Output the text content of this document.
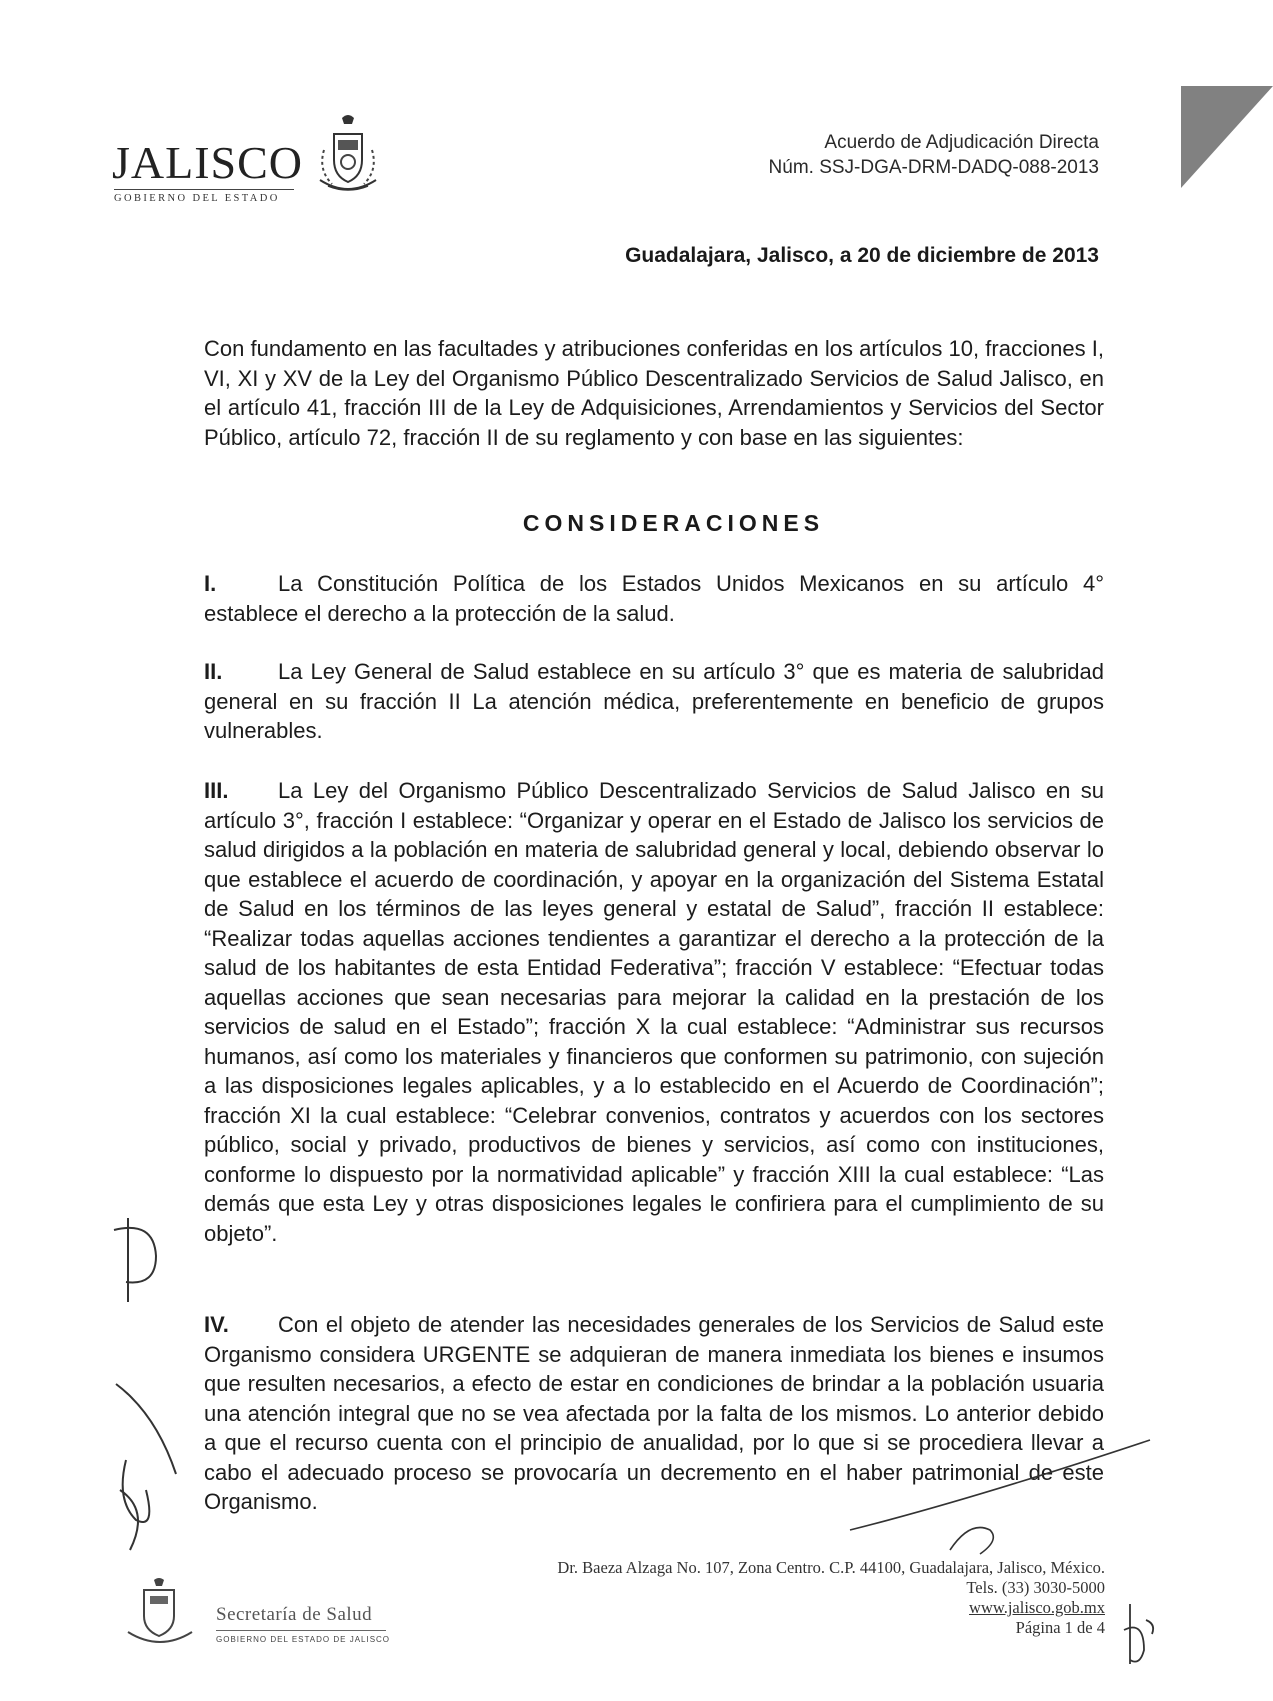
JALISCO
GOBIERNO DEL ESTADO
Acuerdo de Adjudicación Directa
Núm. SSJ-DGA-DRM-DADQ-088-2013
Guadalajara, Jalisco, a 20 de diciembre de 2013
Con fundamento en las facultades y atribuciones conferidas en los artículos 10, fracciones I, VI, XI y XV de la Ley del Organismo Público Descentralizado Servicios de Salud Jalisco, en el artículo 41, fracción III de la Ley de Adquisiciones, Arrendamientos y Servicios del Sector Público, artículo 72, fracción II de su reglamento y con base en las siguientes:
CONSIDERACIONES
I.	La Constitución Política de los Estados Unidos Mexicanos en su artículo 4° establece el derecho a la protección de la salud.
II.	La Ley General de Salud establece en su artículo 3° que es materia de salubridad general en su fracción II La atención médica, preferentemente en beneficio de grupos vulnerables.
III. La Ley del Organismo Público Descentralizado Servicios de Salud Jalisco en su artículo 3°, fracción I establece: “Organizar y operar en el Estado de Jalisco los servicios de salud dirigidos a la población en materia de salubridad general y local, debiendo observar lo que establece el acuerdo de coordinación, y apoyar en la organización del Sistema Estatal de Salud en los términos de las leyes general y estatal de Salud”, fracción II establece: “Realizar todas aquellas acciones tendientes a garantizar el derecho a la protección de la salud de los habitantes de esta Entidad Federativa”; fracción V establece: “Efectuar todas aquellas acciones que sean necesarias para mejorar la calidad en la prestación de los servicios de salud en el Estado”; fracción X la cual establece: “Administrar sus recursos humanos, así como los materiales y financieros que conformen su patrimonio, con sujeción a las disposiciones legales aplicables, y a lo establecido en el Acuerdo de Coordinación”; fracción XI la cual establece: “Celebrar convenios, contratos y acuerdos con los sectores público, social y privado, productivos de bienes y servicios, así como con instituciones, conforme lo dispuesto por la normatividad aplicable” y fracción XIII la cual establece: “Las demás que esta Ley y otras disposiciones legales le confiriera para el cumplimiento de su objeto”.
IV. Con el objeto de atender las necesidades generales de los Servicios de Salud este Organismo considera URGENTE se adquieran de manera inmediata los bienes e insumos que resulten necesarios, a efecto de estar en condiciones de brindar a la población usuaria una atención integral que no se vea afectada por la falta de los mismos. Lo anterior debido a que el recurso cuenta con el principio de anualidad, por lo que si se procediera llevar a cabo el adecuado proceso se provocaría un decremento en el haber patrimonial de este Organismo.
Secretaría de Salud
GOBIERNO DEL ESTADO DE JALISCO
Dr. Baeza Alzaga No. 107, Zona Centro. C.P. 44100, Guadalajara, Jalisco, México.
Tels. (33) 3030-5000
www.jalisco.gob.mx
Página 1 de 4
